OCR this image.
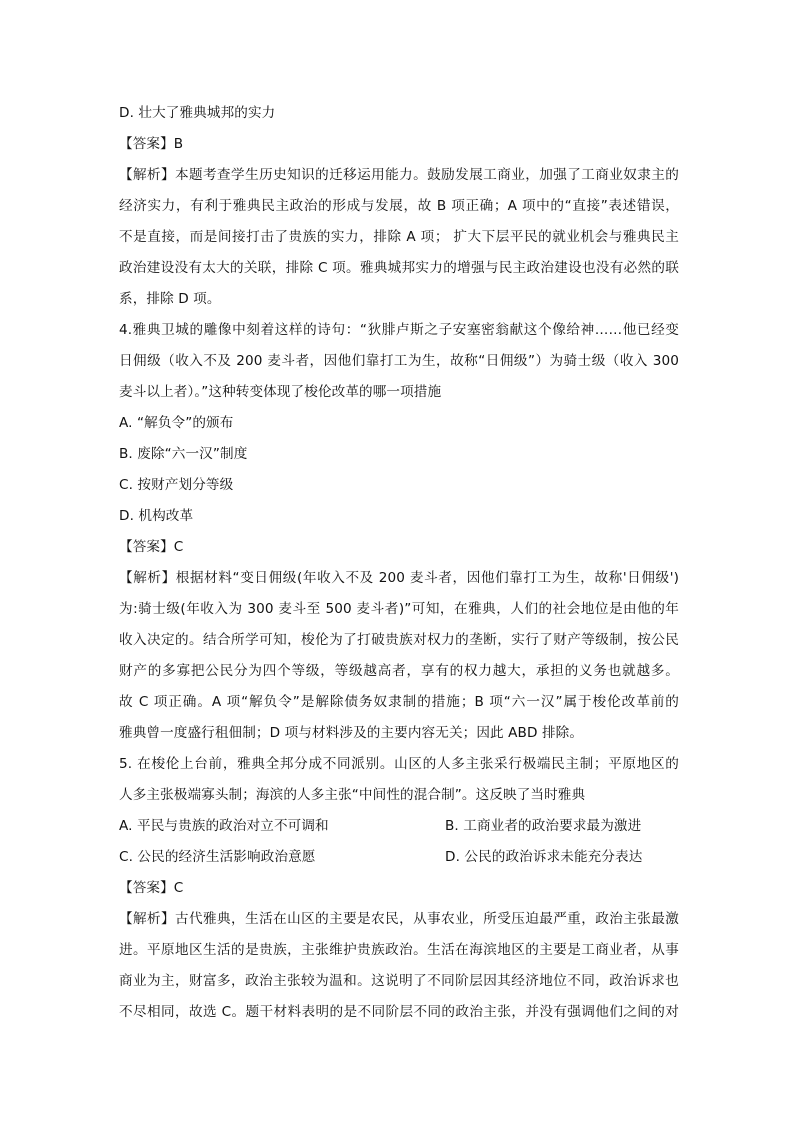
D. 壮大了雅典城邦的实力
【答案】B
【解析】本题考查学生历史知识的迁移运用能力。鼓励发展工商业，加强了工商业奴隶主的
经济实力，有利于雅典民主政治的形成与发展，故 B 项正确；A 项中的“直接”表述错误，
不是直接，而是间接打击了贵族的实力，排除 A 项； 扩大下层平民的就业机会与雅典民主
政治建设没有太大的关联，排除 C 项。雅典城邦实力的增强与民主政治建设也没有必然的联
系，排除 D 项。
4.雅典卫城的雕像中刻着这样的诗句：“狄腓卢斯之子安塞密翁献这个像给神……他已经变
日佣级（收入不及 200 麦斗者，因他们靠打工为生，故称“日佣级”）为骑士级（收入 300
麦斗以上者）。”这种转变体现了梭伦改革的哪一项措施
A. “解负令”的颁布
B. 废除“六一汉”制度
C. 按财产划分等级
D. 机构改革
【答案】C
【解析】根据材料“变日佣级(年收入不及 200 麦斗者，因他们靠打工为生，故称'日佣级')
为:骑士级(年收入为 300 麦斗至 500 麦斗者)”可知，在雅典，人们的社会地位是由他的年
收入决定的。结合所学可知，梭伦为了打破贵族对权力的垄断，实行了财产等级制，按公民
财产的多寡把公民分为四个等级，等级越高者，享有的权力越大，承担的义务也就越多。
故 C 项正确。A 项“解负令”是解除债务奴隶制的措施；B 项“六一汉”属于梭伦改革前的
雅典曾一度盛行租佃制；D 项与材料涉及的主要内容无关；因此 ABD 排除。
5. 在梭伦上台前，雅典全邦分成不同派别。山区的人多主张采行极端民主制；平原地区的
人多主张极端寡头制；海滨的人多主张“中间性的混合制”。这反映了当时雅典
A. 平民与贵族的政治对立不可调和	B. 工商业者的政治要求最为激进
C. 公民的经济生活影响政治意愿	D. 公民的政治诉求未能充分表达
【答案】C
【解析】古代雅典，生活在山区的主要是农民，从事农业，所受压迫最严重，政治主张最激
进。平原地区生活的是贵族，主张维护贵族政治。生活在海滨地区的主要是工商业者，从事
商业为主，财富多，政治主张较为温和。这说明了不同阶层因其经济地位不同，政治诉求也
不尽相同，故选 C。题干材料表明的是不同阶层不同的政治主张，并没有强调他们之间的对
